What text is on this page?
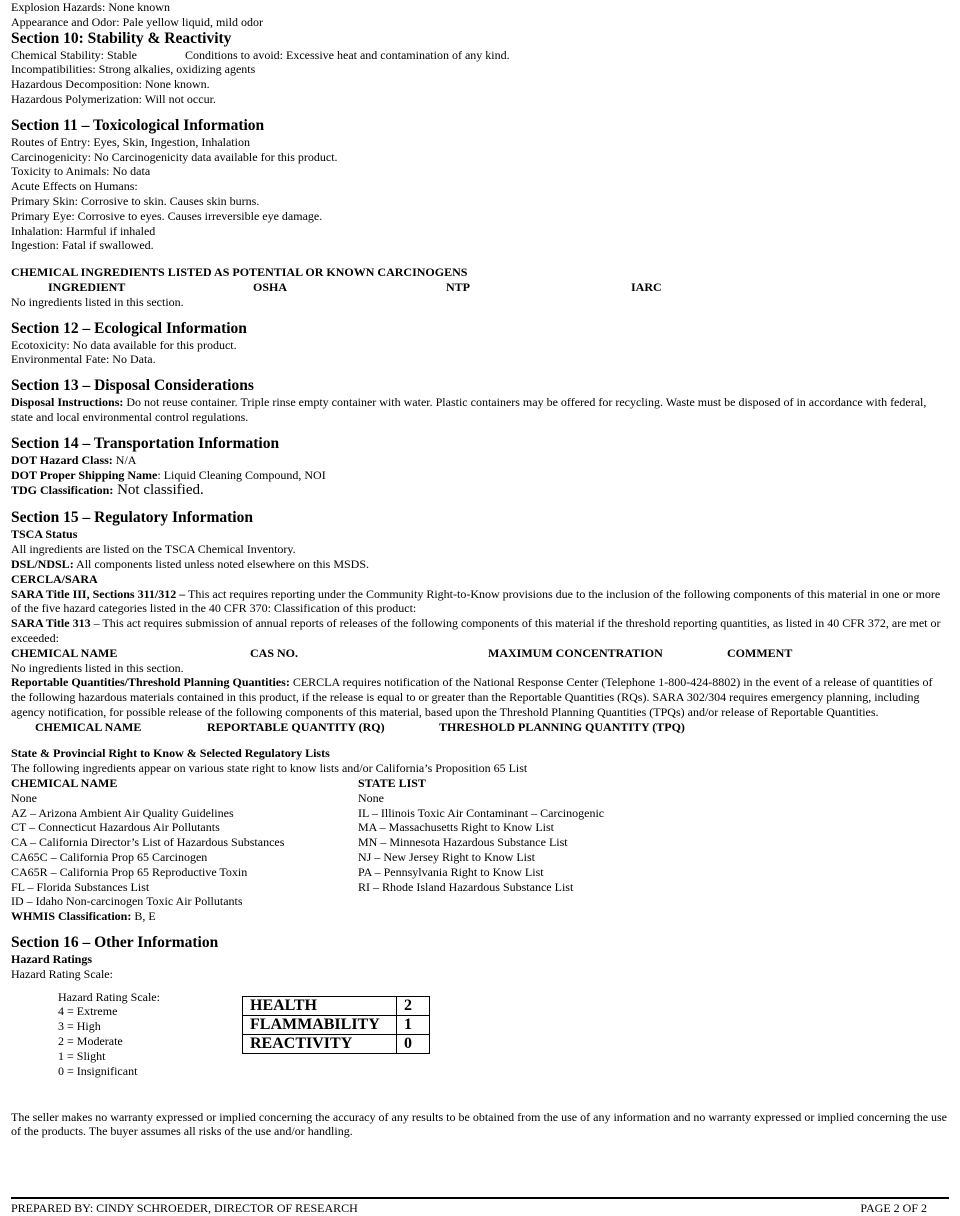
Explosion Hazards: None known
Appearance and Odor: Pale yellow liquid, mild odor
Section 10: Stability & Reactivity
Chemical Stability: Stable	Conditions to avoid: Excessive heat and contamination of any kind.
Incompatibilities: Strong alkalies, oxidizing agents
Hazardous Decomposition: None known.
Hazardous Polymerization: Will not occur.
Section 11 – Toxicological Information
Routes of Entry: Eyes, Skin, Ingestion, Inhalation
Carcinogenicity: No Carcinogenicity data available for this product.
Toxicity to Animals: No data
Acute Effects on Humans:
Primary Skin: Corrosive to skin. Causes skin burns.
Primary Eye: Corrosive to eyes. Causes irreversible eye damage.
Inhalation: Harmful if inhaled
Ingestion: Fatal if swallowed.
CHEMICAL INGREDIENTS LISTED AS POTENTIAL OR KNOWN CARCINOGENS
INGREDIENT	OSHA	NTP	IARC
No ingredients listed in this section.
Section 12 – Ecological Information
Ecotoxicity: No data available for this product.
Environmental Fate: No Data.
Section 13 – Disposal Considerations
Disposal Instructions: Do not reuse container. Triple rinse empty container with water. Plastic containers may be offered for recycling. Waste must be disposed of in accordance with federal, state and local environmental control regulations.
Section 14 – Transportation Information
DOT Hazard Class: N/A
DOT Proper Shipping Name: Liquid Cleaning Compound, NOI
TDG Classification: Not classified.
Section 15 – Regulatory Information
TSCA Status
All ingredients are listed on the TSCA Chemical Inventory.
DSL/NDSL: All components listed unless noted elsewhere on this MSDS.
CERCLA/SARA
SARA Title III, Sections 311/312 – This act requires reporting under the Community Right-to-Know provisions due to the inclusion of the following components of this material in one or more of the five hazard categories listed in the 40 CFR 370: Classification of this product:
SARA Title 313 – This act requires submission of annual reports of releases of the following components of this material if the threshold reporting quantities, as listed in 40 CFR 372, are met or exceeded:
CHEMICAL NAME	CAS NO.	MAXIMUM CONCENTRATION	COMMENT
No ingredients listed in this section.
Reportable Quantities/Threshold Planning Quantities: CERCLA requires notification of the National Response Center (Telephone 1-800-424-8802) in the event of a release of quantities of the following hazardous materials contained in this product, if the release is equal to or greater than the Reportable Quantities (RQs). SARA 302/304 requires emergency planning, including agency notification, for possible release of the following components of this material, based upon the Threshold Planning Quantities (TPQs) and/or release of Reportable Quantities.
CHEMICAL NAME	REPORTABLE QUANTITY (RQ)	THRESHOLD PLANNING QUANTITY (TPQ)
State & Provincial Right to Know & Selected Regulatory Lists
The following ingredients appear on various state right to know lists and/or California’s Proposition 65 List
CHEMICAL NAME	STATE LIST
None	None
AZ – Arizona Ambient Air Quality Guidelines	IL – Illinois Toxic Air Contaminant – Carcinogenic
CT – Connecticut Hazardous Air Pollutants	MA – Massachusetts Right to Know List
CA – California Director’s List of Hazardous Substances	MN – Minnesota Hazardous Substance List
CA65C – California Prop 65 Carcinogen	NJ – New Jersey Right to Know List
CA65R – California Prop 65 Reproductive Toxin	PA – Pennsylvania Right to Know List
FL – Florida Substances List	RI – Rhode Island Hazardous Substance List
ID – Idaho Non-carcinogen Toxic Air Pollutants
WHMIS Classification: B, E
Section 16 – Other Information
Hazard Ratings
Hazard Rating Scale:
Hazard Rating Scale:
4 = Extreme
3 = High
2 = Moderate
1 = Slight
0 = Insignificant
HEALTH	2
FLAMMABILITY	1
REACTIVITY	0
The seller makes no warranty expressed or implied concerning the accuracy of any results to be obtained from the use of any information and no warranty expressed or implied concerning the use of the products. The buyer assumes all risks of the use and/or handling.
PREPARED BY: CINDY SCHROEDER, DIRECTOR OF RESEARCH	PAGE 2 OF 2
